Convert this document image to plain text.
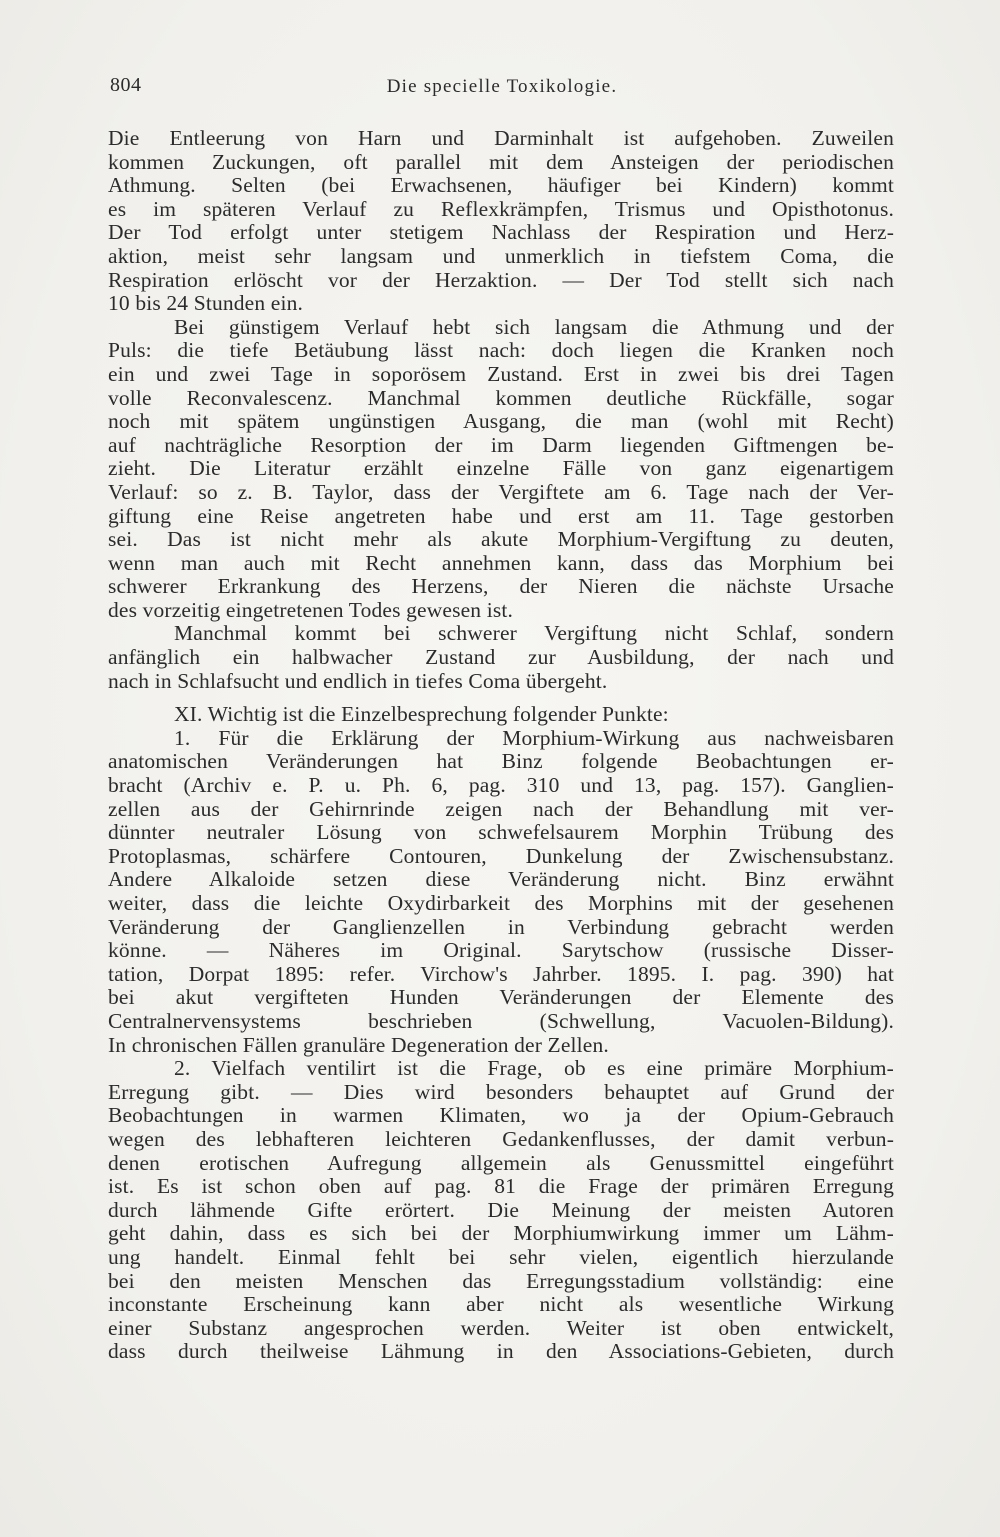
804	Die specielle Toxikologie.
Die Entleerung von Harn und Darminhalt ist aufgehoben. Zuweilen
kommen Zuckungen, oft parallel mit dem Ansteigen der periodischen
Athmung. Selten (bei Erwachsenen, häufiger bei Kindern) kommt
es im späteren Verlauf zu Reflexkrämpfen, Trismus und Opisthotonus.
Der Tod erfolgt unter stetigem Nachlass der Respiration und Herz-
aktion, meist sehr langsam und unmerklich in tiefstem Coma, die
Respiration erlöscht vor der Herzaktion. — Der Tod stellt sich nach
10 bis 24 Stunden ein.
Bei günstigem Verlauf hebt sich langsam die Athmung und der
Puls: die tiefe Betäubung lässt nach: doch liegen die Kranken noch
ein und zwei Tage in soporösem Zustand. Erst in zwei bis drei Tagen
volle Reconvalescenz. Manchmal kommen deutliche Rückfälle, sogar
noch mit spätem ungünstigen Ausgang, die man (wohl mit Recht)
auf nachträgliche Resorption der im Darm liegenden Giftmengen be-
zieht. Die Literatur erzählt einzelne Fälle von ganz eigenartigem
Verlauf: so z. B. Taylor, dass der Vergiftete am 6. Tage nach der Ver-
giftung eine Reise angetreten habe und erst am 11. Tage gestorben
sei. Das ist nicht mehr als akute Morphium-Vergiftung zu deuten,
wenn man auch mit Recht annehmen kann, dass das Morphium bei
schwerer Erkrankung des Herzens, der Nieren die nächste Ursache
des vorzeitig eingetretenen Todes gewesen ist.
Manchmal kommt bei schwerer Vergiftung nicht Schlaf, sondern
anfänglich ein halbwacher Zustand zur Ausbildung, der nach und
nach in Schlafsucht und endlich in tiefes Coma übergeht.
XI. Wichtig ist die Einzelbesprechung folgender Punkte:
1. Für die Erklärung der Morphium-Wirkung aus nachweisbaren
anatomischen Veränderungen hat Binz folgende Beobachtungen er-
bracht (Archiv e. P. u. Ph. 6, pag. 310 und 13, pag. 157). Ganglien-
zellen aus der Gehirnrinde zeigen nach der Behandlung mit ver-
dünnter neutraler Lösung von schwefelsaurem Morphin Trübung des
Protoplasmas, schärfere Contouren, Dunkelung der Zwischensubstanz.
Andere Alkaloide setzen diese Veränderung nicht. Binz erwähnt
weiter, dass die leichte Oxydirbarkeit des Morphins mit der gesehenen
Veränderung der Ganglienzellen in Verbindung gebracht werden
könne. — Näheres im Original. Sarytschow (russische Disser-
tation, Dorpat 1895: refer. Virchow's Jahrber. 1895. I. pag. 390) hat
bei akut vergifteten Hunden Veränderungen der Elemente des
Centralnervensystems beschrieben (Schwellung, Vacuolen-Bildung).
In chronischen Fällen granuläre Degeneration der Zellen.
2. Vielfach ventilirt ist die Frage, ob es eine primäre Morphium-
Erregung gibt. — Dies wird besonders behauptet auf Grund der
Beobachtungen in warmen Klimaten, wo ja der Opium-Gebrauch
wegen des lebhafteren leichteren Gedankenflusses, der damit verbun-
denen erotischen Aufregung allgemein als Genussmittel eingeführt
ist. Es ist schon oben auf pag. 81 die Frage der primären Erregung
durch lähmende Gifte erörtert. Die Meinung der meisten Autoren
geht dahin, dass es sich bei der Morphiumwirkung immer um Lähm-
ung handelt. Einmal fehlt bei sehr vielen, eigentlich hierzulande
bei den meisten Menschen das Erregungsstadium vollständig: eine
inconstante Erscheinung kann aber nicht als wesentliche Wirkung
einer Substanz angesprochen werden. Weiter ist oben entwickelt,
dass durch theilweise Lähmung in den Associations-Gebieten, durch
